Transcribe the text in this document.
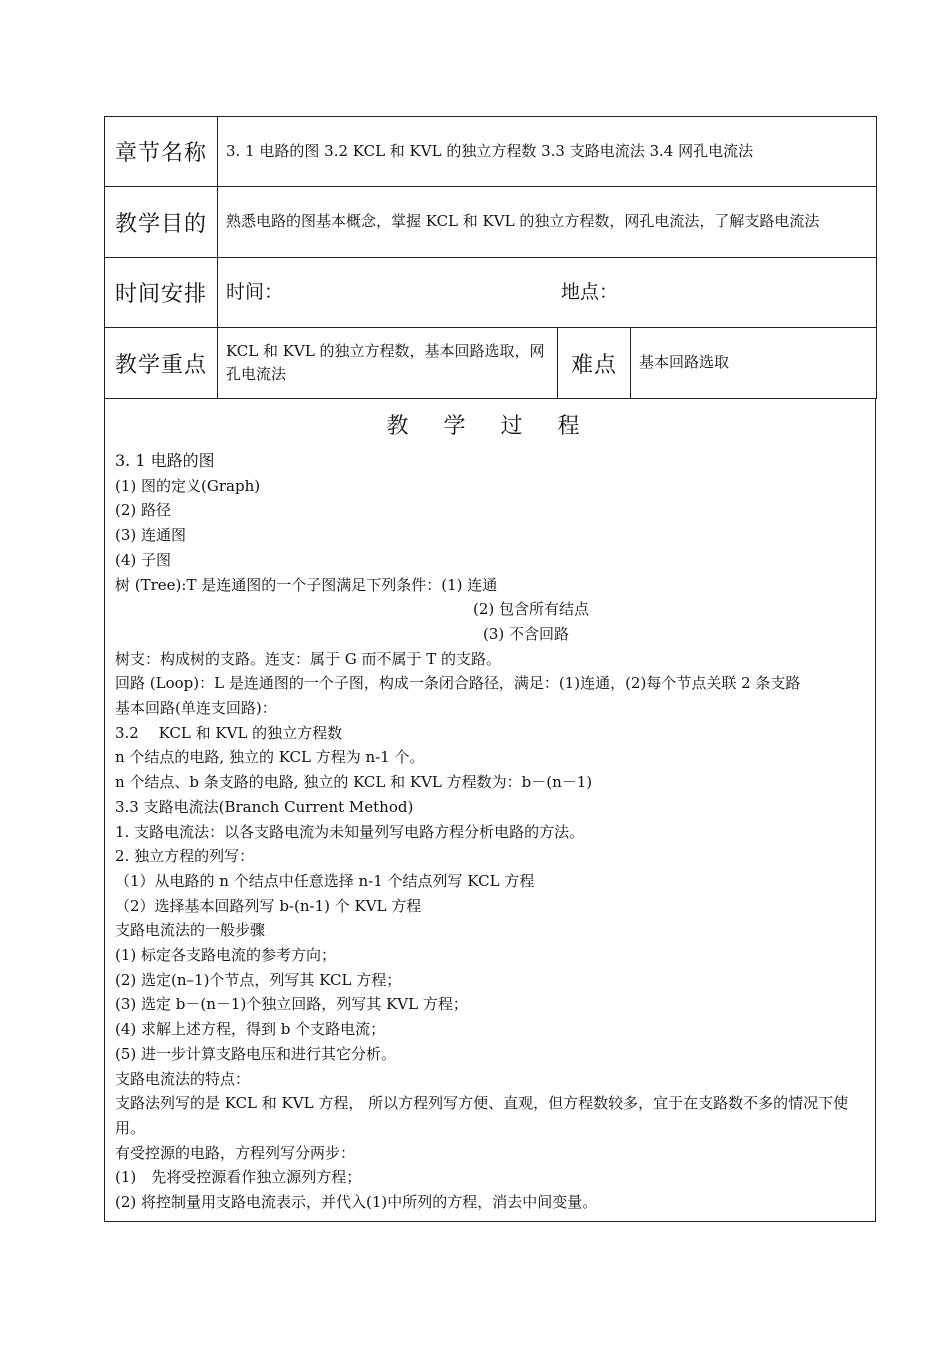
章节名称	3. 1 电路的图 3.2 KCL 和 KVL 的独立方程数 3.3 支路电流法 3.4 网孔电流法		
教学目的	熟悉电路的图基本概念，掌握 KCL 和 KVL 的独立方程数，网孔电流法，了解支路电流法		
时间安排	时间： 地点：		

教学重点	KCL 和 KVL 的独立方程数，基本回路选取，网孔电流法	难点	基本回路选取
教 学 过 程
3. 1 电路的图
(1) 图的定义(Graph)
(2) 路径
(3) 连通图
(4) 子图
树 (Tree):T 是连通图的一个子图满足下列条件：(1) 连通
(2) 包含所有结点
(3) 不含回路
树支：构成树的支路。连支：属于 G 而不属于 T 的支路。
回路 (Loop)：L 是连通图的一个子图，构成一条闭合路径，满足：(1)连通，(2)每个节点关联 2 条支路
基本回路(单连支回路)：
3.2　 KCL 和 KVL 的独立方程数
n 个结点的电路, 独立的 KCL 方程为 n-1 个。
n 个结点、b 条支路的电路, 独立的 KCL 和 KVL 方程数为：b－(n－1)
3.3 支路电流法(Branch Current Method)
1. 支路电流法：以各支路电流为未知量列写电路方程分析电路的方法。
2. 独立方程的列写：
（1）从电路的 n 个结点中任意选择 n-1 个结点列写 KCL 方程
（2）选择基本回路列写 b-(n-1) 个 KVL 方程
支路电流法的一般步骤
(1) 标定各支路电流的参考方向；
(2) 选定(n–1)个节点，列写其 KCL 方程；
(3) 选定 b－(n－1)个独立回路，列写其 KVL 方程；
(4) 求解上述方程，得到 b 个支路电流；
(5) 进一步计算支路电压和进行其它分析。
支路电流法的特点：
支路法列写的是 KCL 和 KVL 方程， 所以方程列写方便、直观，但方程数较多，宜于在支路数不多的情况下使用。
有受控源的电路，方程列写分两步：
(1)　先将受控源看作独立源列方程；
(2) 将控制量用支路电流表示，并代入(1)中所列的方程，消去中间变量。
